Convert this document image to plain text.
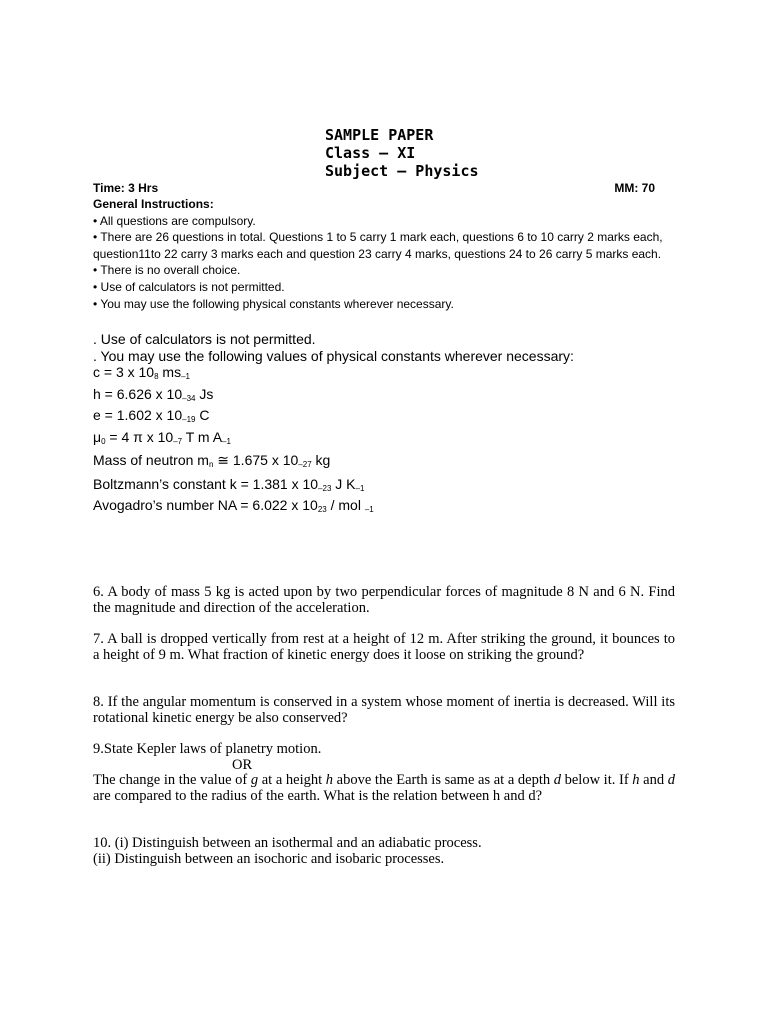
SAMPLE PAPER
Class – XI
Subject – Physics
Time: 3 Hrs	MM: 70
General Instructions:
• All questions are compulsory.
• There are 26 questions in total. Questions 1 to 5 carry 1 mark each, questions 6 to 10 carry 2 marks each, question11to 22 carry 3 marks each and question 23 carry 4 marks, questions 24 to 26 carry 5 marks each.
• There is no overall choice.
• Use of calculators is not permitted.
• You may use the following physical constants wherever necessary.
. Use of calculators is not permitted.
. You may use the following values of physical constants wherever necessary:
c = 3 x $10_8$ $ms_{-1}$
h = 6.626 x $10_{-34}$ Js
e = 1.602 x $10_{-19}$ C
$\mu_0 = 4$ π x $10_{-7}$ T m $A_{-1}$
Mass of neutron $m_n$ ≅ 1.675 x $10_{-27}$ kg
Boltzmann’s constant k = 1.381 x $10_{-23}$ J $K_{-1}$
Avogadro’s number NA = 6.022 x $10_{23}$ / mol $_{-1}$

6. A body of mass 5 kg is acted upon by two perpendicular forces of magnitude 8 N and 6 N. Find the magnitude and direction of the acceleration.

7. A ball is dropped vertically from rest at a height of 12 m. After striking the ground, it bounces to a height of 9 m. What fraction of kinetic energy does it loose on striking the ground?

8. If the angular momentum is conserved in a system whose moment of inertia is decreased. Will its rotational kinetic energy be also conserved?

9.State Kepler laws of planetry motion.

OR

The change in the value of g at a height h above the Earth is same as at a depth d below it. If h and d are compared to the radius of the earth. What is the relation between h and d?

10. (i) Distinguish between an isothermal and an adiabatic process.

(ii) Distinguish between an isochoric and isobaric processes.
